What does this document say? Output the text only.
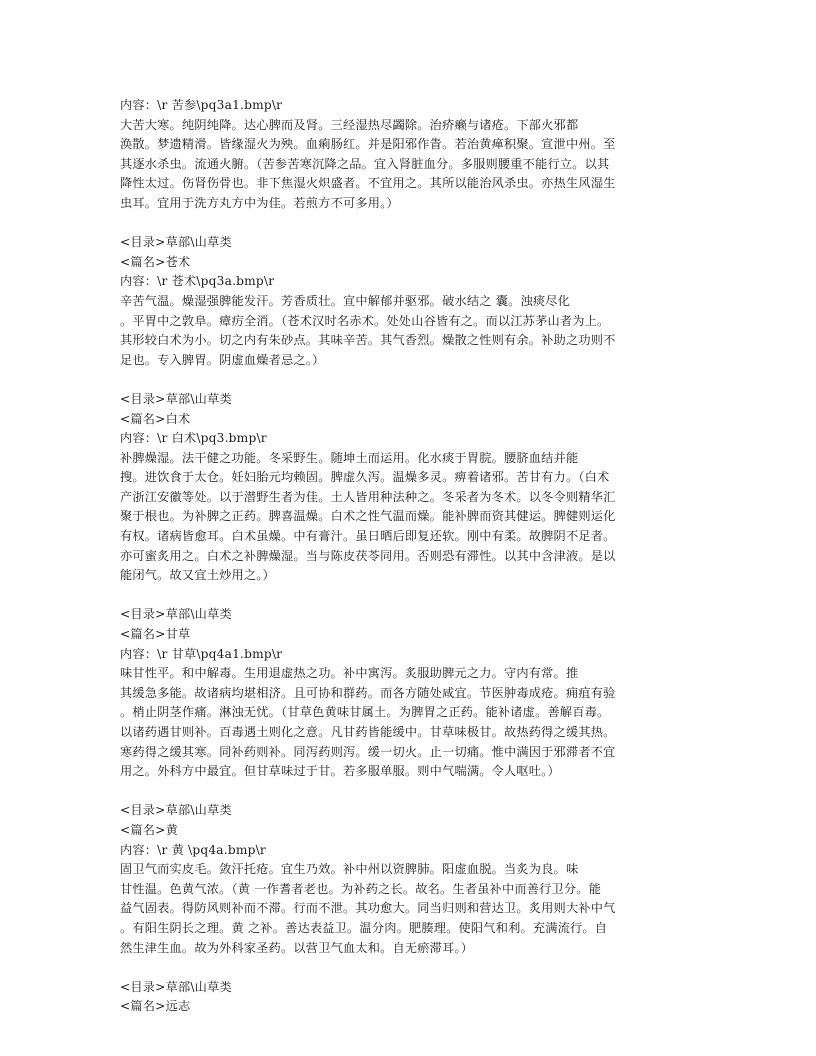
内容：\r 苦参\pq3a1.bmp\r
大苦大寒。纯阴纯降。达心脾而及肾。三经湿热尽蠲除。治疥癞与诸疮。下部火邪都
涣散。梦遗精滑。皆缘湿火为殃。血痢肠红。并是阳邪作眚。若治黄瘅积聚。宣泄中州。至
其逐水杀虫。流通火腑。（苦参苦寒沉降之品。宜入肾脏血分。多服则腰重不能行立。以其
降性太过。伤肾伤骨也。非下焦湿火炽盛者。不宜用之。其所以能治风杀虫。亦热生风湿生
虫耳。宜用于洗方丸方中为佳。若煎方不可多用。）
<目录>草部\山草类
<篇名>苍术
内容：\r 苍术\pq3a.bmp\r
辛苦气温。燥湿强脾能发汗。芳香质壮。宣中解郁并驱邪。破水结之 囊。浊痰尽化
。平胃中之敦阜。瘴疠全消。（苍术汉时名赤术。处处山谷皆有之。而以江苏茅山者为上。
其形较白术为小。切之内有朱砂点。其味辛苦。其气香烈。燥散之性则有余。补助之功则不
足也。专入脾胃。阴虚血燥者忌之。）
<目录>草部\山草类
<篇名>白术
内容：\r 白术\pq3.bmp\r
补脾燥湿。法干健之功能。冬采野生。随坤土而运用。化水痰于胃脘。腰脐血结并能
搜。进饮食于太仓。妊妇胎元均赖固。脾虚久泻。温燥多灵。痹着诸邪。苦甘有力。（白术
产浙江安徽等处。以于潜野生者为佳。土人皆用种法种之。冬采者为冬术。以冬令则精华汇
聚于根也。为补脾之正药。脾喜温燥。白术之性气温而燥。能补脾而资其健运。脾健则运化
有权。诸病皆愈耳。白术虽燥。中有膏汁。虽日晒后即复还软。刚中有柔。故脾阴不足者。
亦可蜜炙用之。白术之补脾燥湿。当与陈皮茯苓同用。否则恐有滞性。以其中含津液。是以
能闭气。故又宜土炒用之。）
<目录>草部\山草类
<篇名>甘草
内容：\r 甘草\pq4a1.bmp\r
味甘性平。和中解毒。生用退虚热之功。补中寓泻。炙服助脾元之力。守内有常。推
其缓急多能。故诸病均堪相济。且可协和群药。而各方随处咸宜。节医肿毒成疮。痈疽有验
。梢止阴茎作痛。淋浊无忧。（甘草色黄味甘属土。为脾胃之正药。能补诸虚。善解百毒。
以诸药遇甘则补。百毒遇土则化之意。凡甘药皆能缓中。甘草味极甘。故热药得之缓其热。
寒药得之缓其寒。同补药则补。同泻药则泻。缓一切火。止一切痛。惟中满因于邪滞者不宜
用之。外科方中最宜。但甘草味过于甘。若多服单服。则中气喘满。令人呕吐。）
<目录>草部\山草类
<篇名>黄
内容：\r 黄 \pq4a.bmp\r
固卫气而实皮毛。敛汗托疮。宜生乃效。补中州以资脾肺。阳虚血脱。当炙为良。味
甘性温。色黄气浓。（黄 一作耆者老也。为补药之长。故名。生者虽补中而善行卫分。能
益气固表。得防风则补而不滞。行而不泄。其功愈大。同当归则和营达卫。炙用则大补中气
。有阳生阴长之理。黄 之补。善达表益卫。温分肉。肥腠理。使阳气和利。充满流行。自
然生津生血。故为外科家圣药。以营卫气血太和。自无瘀滞耳。）
<目录>草部\山草类
<篇名>远志
